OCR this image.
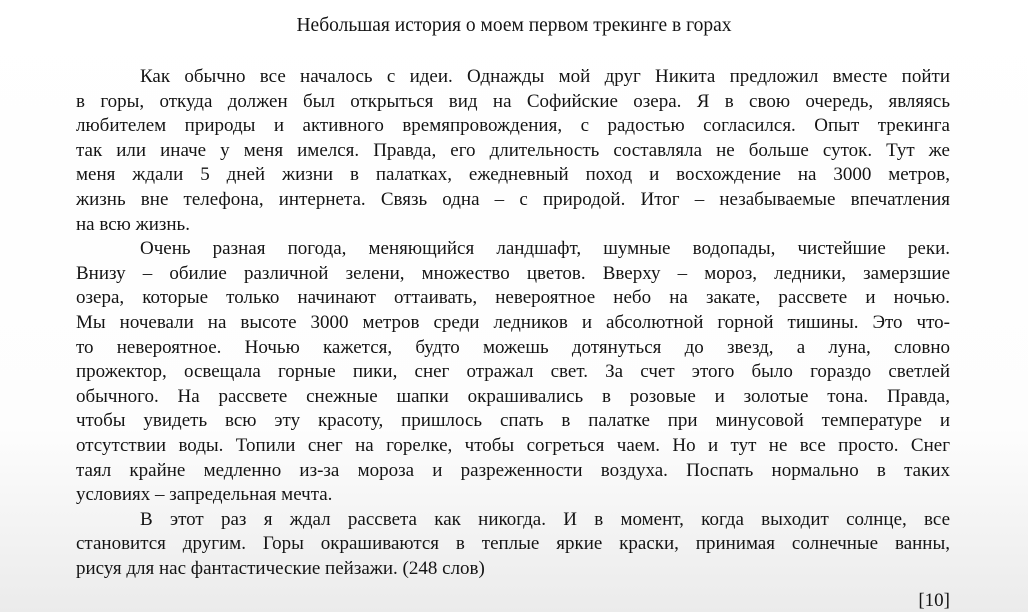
Небольшая история о моем первом трекинге в горах
Как обычно все началось с идеи. Однажды мой друг Никита предложил вместе пойти
в горы, откуда должен был открыться вид на Софийские озера. Я в свою очередь, являясь
любителем природы и активного времяпровождения, с радостью согласился. Опыт трекинга
так или иначе у меня имелся. Правда, его длительность составляла не больше суток. Тут же
меня ждали 5 дней жизни в палатках, ежедневный поход и восхождение на 3000 метров,
жизнь вне телефона, интернета. Связь одна – с природой. Итог – незабываемые впечатления
на всю жизнь.
Очень разная погода, меняющийся ландшафт, шумные водопады, чистейшие реки.
Внизу – обилие различной зелени, множество цветов. Вверху – мороз, ледники, замерзшие
озера, которые только начинают оттаивать, невероятное небо на закате, рассвете и ночью.
Мы ночевали на высоте 3000 метров среди ледников и абсолютной горной тишины. Это что-
то невероятное. Ночью кажется, будто можешь дотянуться до звезд, а луна, словно
прожектор, освещала горные пики, снег отражал свет. За счет этого было гораздо светлей
обычного. На рассвете снежные шапки окрашивались в розовые и золотые тона. Правда,
чтобы увидеть всю эту красоту, пришлось спать в палатке при минусовой температуре и
отсутствии воды. Топили снег на горелке, чтобы согреться чаем. Но и тут не все просто. Снег
таял крайне медленно из-за мороза и разреженности воздуха. Поспать нормально в таких
условиях – запредельная мечта.
В этот раз я ждал рассвета как никогда. И в момент, когда выходит солнце, все
становится другим. Горы окрашиваются в теплые яркие краски, принимая солнечные ванны,
рисуя для нас фантастические пейзажи. (248 слов)
[10]
